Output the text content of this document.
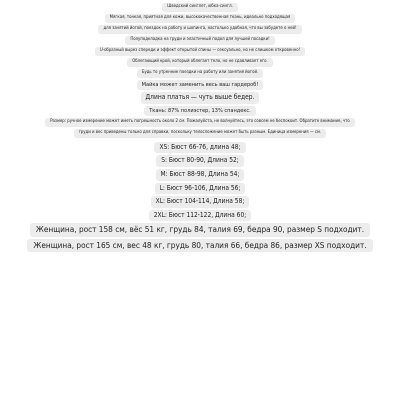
Шведский синглет, юбка-сингл.
Мягкая, тонкая, приятная для кожи, высококачественная ткань, идеально подходящая
для занятий йогой, поездок на работу и шопинга, настолько удобная, что вы забудете о ней!
Полуподкладка на груди и эластичный подол для лучшей посадки!
U-образный вырез спереди и эффект открытой спины — сексуально, но не слишком откровенно!
Облегающий крой, который облегает тело, но не сдавливает его.
Будь то утренние поездки на работу или занятия йогой.
Майка может заменить весь ваш гардероб!
Длина платья — чуть выше бедер.
Ткань: 87% полиэстер, 13% спандекс.
Размер: ручное измерение может иметь погрешность около 2 см. Пожалуйста, не волнуйтесь, это совсем не беспокоит. Обратите внимание, что
груди и вес приведены только для справки, поскольку телосложение может быть разным. Единица измерения — см.
XS: Бюст 66-76, длина 48;
S: Бюст 80-90, Длина 52;
M: Бюст 88-98, Длина 54;
L: Бюст 96-106, Длина 56;
XL: Бюст 104-114, Длина 58;
2XL: Бюст 112-122, Длина 60;
Женщина, рост 158 см, вёс 51 кг, грудь 84, талия 69, бедра 90, размер S подходит.
Женщина, рост 165 см, вес 48 кг, грудь 80, талия 66, бедра 86, размер XS подходит.
